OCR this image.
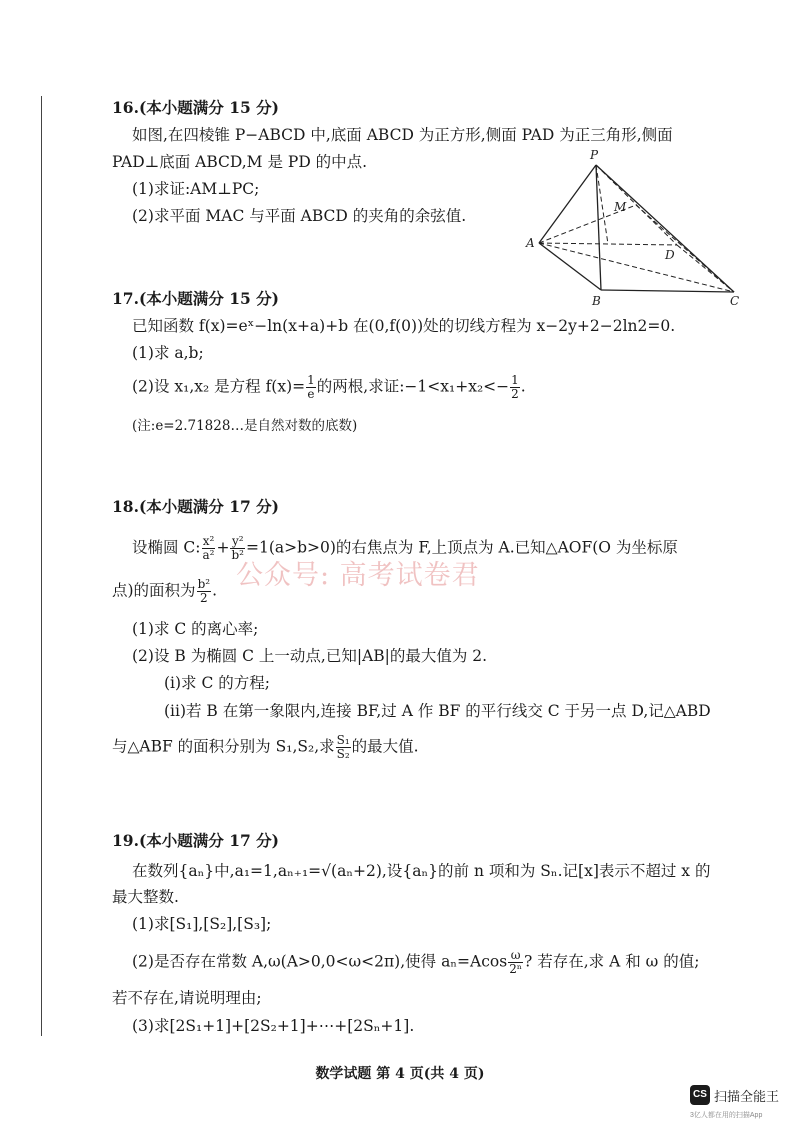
16.(本小题满分 15 分)
如图,在四棱锥 P−ABCD 中,底面 ABCD 为正方形,侧面 PAD 为正三角形,侧面
PAD⊥底面 ABCD,M 是 PD 的中点.
(1)求证:AM⊥PC;
(2)求平面 MAC 与平面 ABCD 的夹角的余弦值.
P
M
A
D
B	C
17.(本小题满分 15 分)
已知函数 f(x)=eˣ−ln(x+a)+b 在(0,f(0))处的切线方程为 x−2y+2−2ln2=0.
(1)求 a,b;
(2)设 x₁,x₂ 是方程 $f(x)= \frac{1}{e}$ 的两根,求证:−1<x₁+x₂<− $\frac{1}{2}$ .
(注:e=2.71828…是自然对数的底数)
18.(本小题满分 17 分)
设椭圆 C: $\frac{\text{x²}}{\text{a²}} + \frac{\text{y²}}{\text{b²}} =1(a>b>0)$的右焦点为 F,上顶点为 A.已知△AOF(O 为坐标原
点)的面积为 $\frac{\text{b²}}{2}$ .
(1)求 C 的离心率;
(2)设 B 为椭圆 C 上一动点,已知|AB|的最大值为 2.
(i)求 C 的方程;
(ii)若 B 在第一象限内,连接 BF,过 A 作 BF 的平行线交 C 于另一点 D,记△ABD
与△ABF 的面积分别为 S₁,S₂,求 $\frac{\text{S₁}}{\text{S₂}}$ 的最大值.
公众号: 高考试卷君
19.(本小题满分 17 分)
在数列{aₙ}中,a₁=1,aₙ₊₁=√(aₙ+2),设{aₙ}的前 n 项和为 Sₙ.记[x]表示不超过 x 的
最大整数.
(1)求[S₁],[S₂],[S₃];
(2)是否存在常数 A,ω(A>0,0<ω<2π),使得 $a_n=Acos \frac{\omega}{\text{2ⁿ}}$ ? 若存在,求 A 和 ω 的值;
若不存在,请说明理由;
(3)求[2S₁+1]+[2S₂+1]+⋯+[2Sₙ+1].
数学试题 第 4 页(共 4 页)
CS 扫描全能王
3亿人都在用的扫描App
